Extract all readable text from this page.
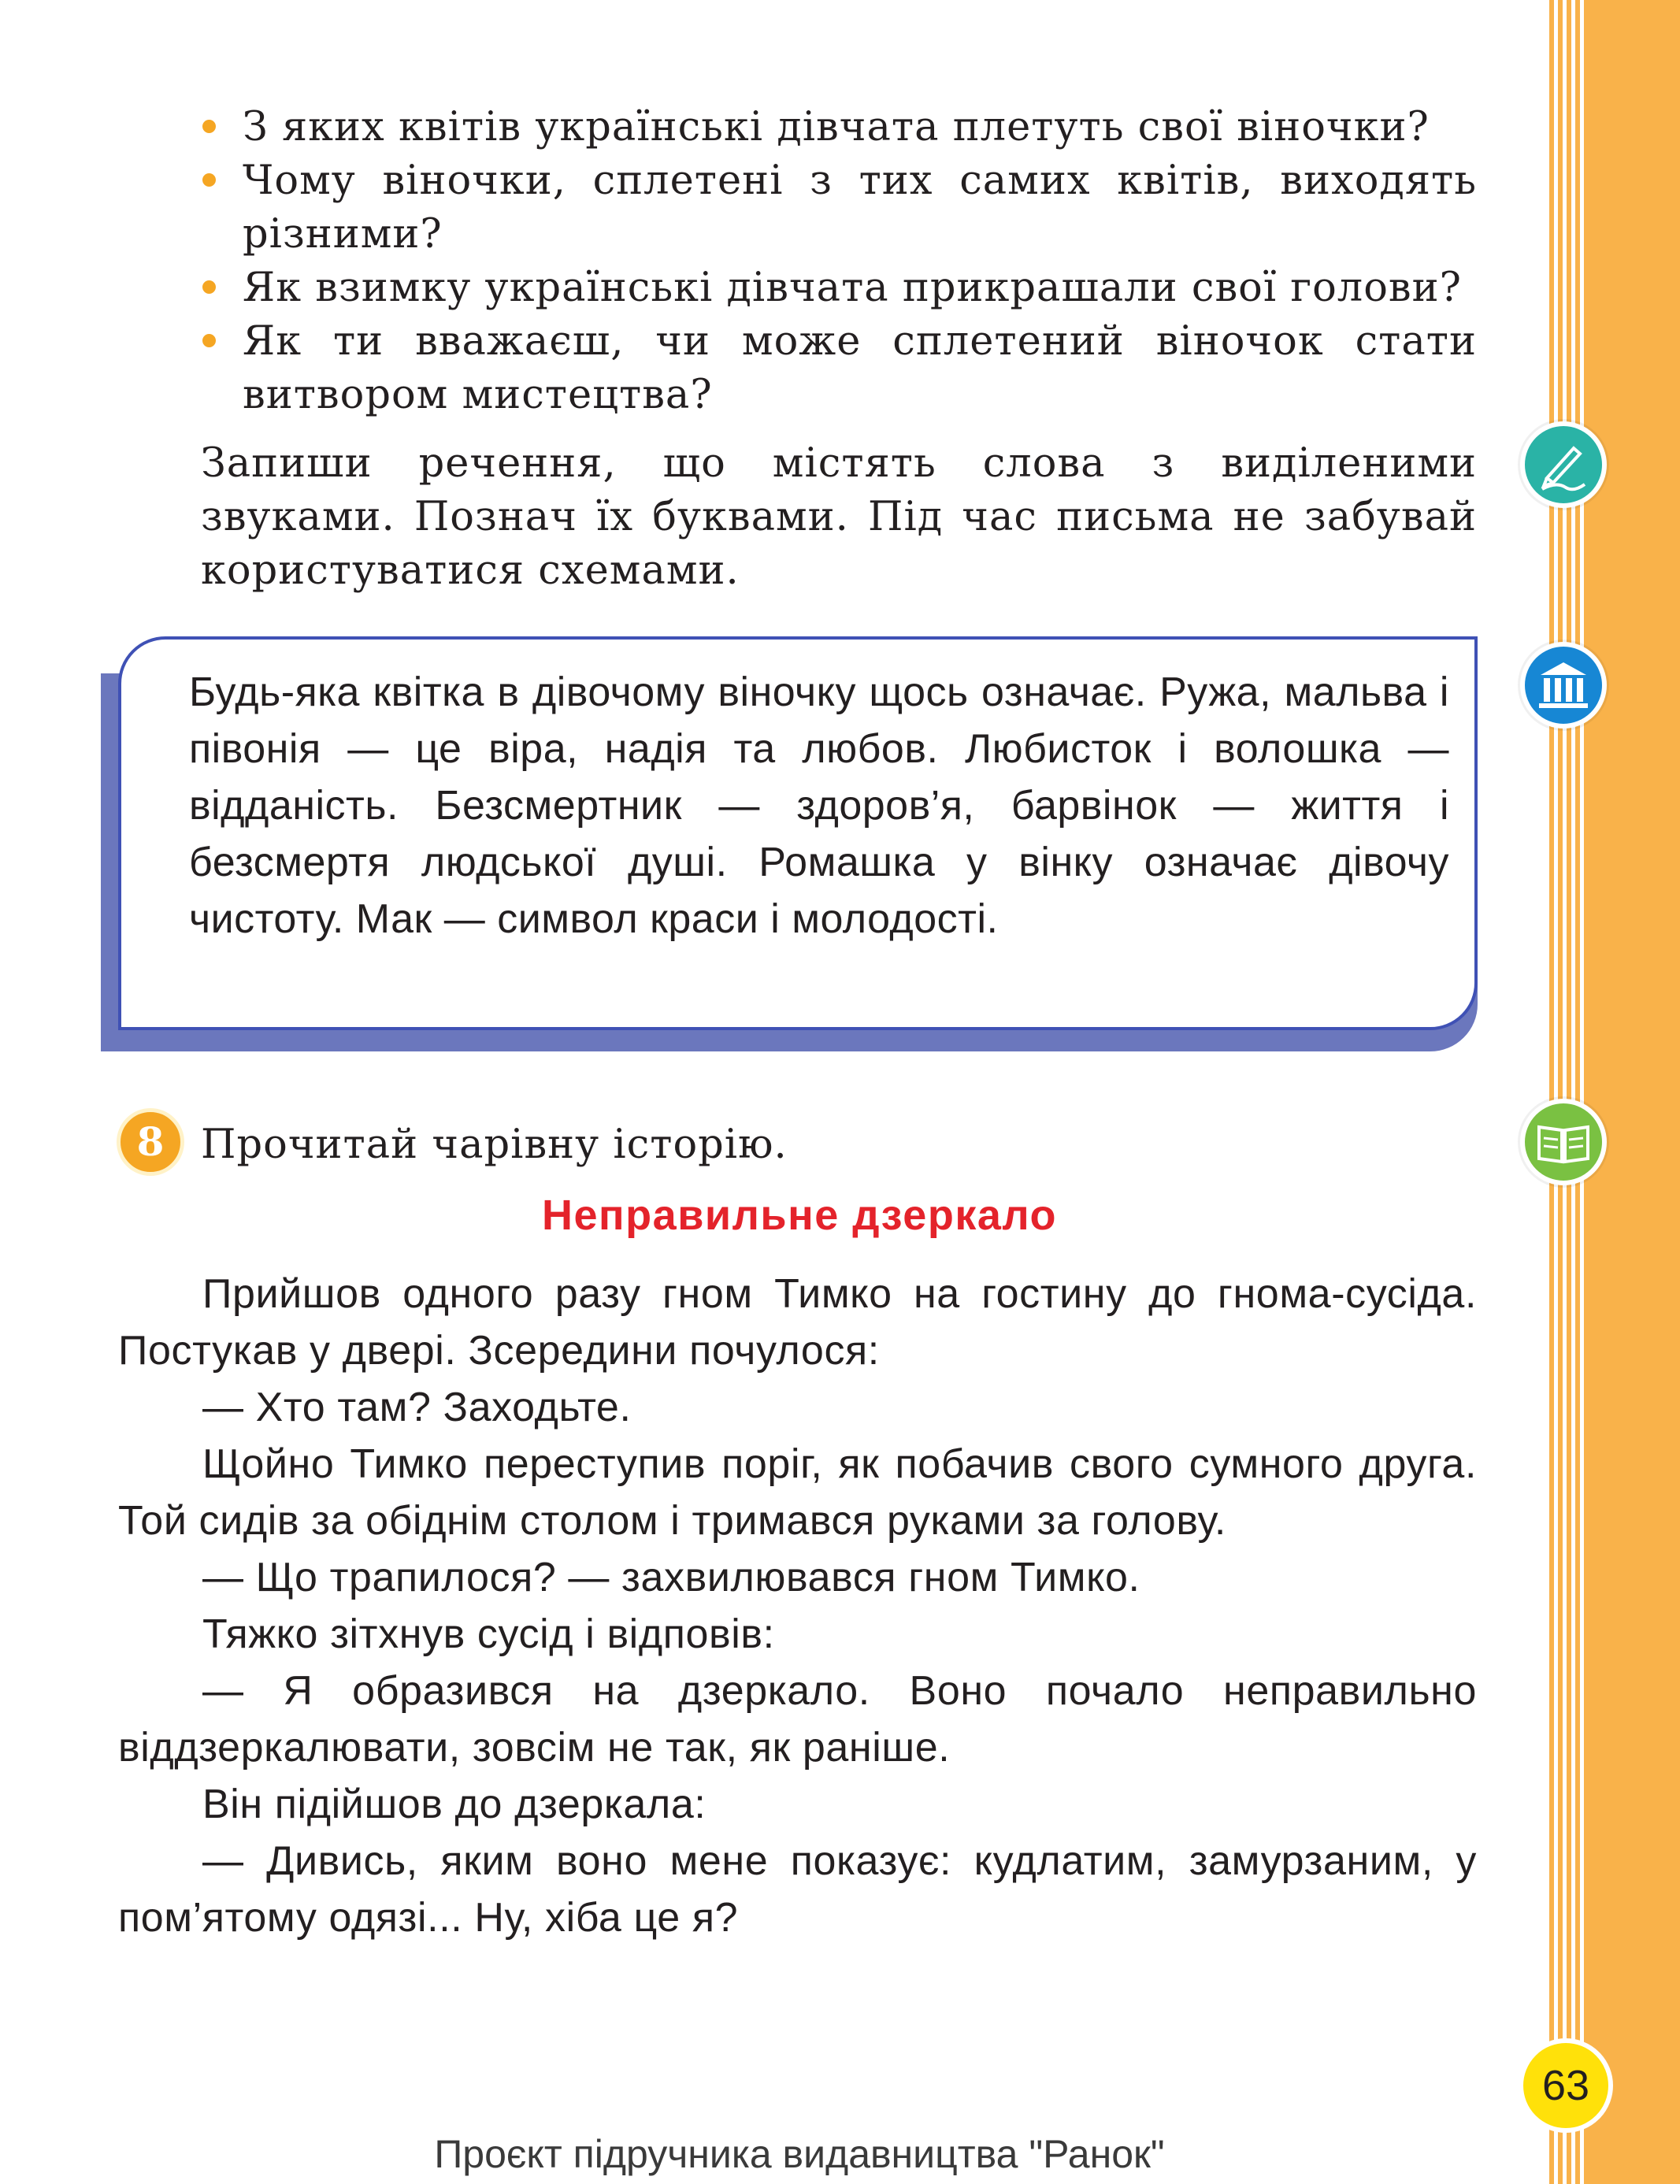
З яких квітів українські дівчата плетуть свої віночки?
Чому віночки, сплетені з тих самих квітів, виходять різними?
Як взимку українські дівчата прикрашали свої голови?
Як ти вважаєш, чи може сплетений віночок стати витвором мистецтва?
Запиши речення, що містять слова з виділеними звуками. Познач їх буквами. Під час письма не забувай користуватися схемами.
Будь-яка квітка в дівочому віночку щось означає. Ружа, мальва і півонія — це віра, надія та любов. Любисток і волошка — відданість. Безсмертник — здоров’я, барвінок — життя і безсмертя людської душі. Ромашка у вінку означає дівочу чистоту. Мак — символ краси і молодості.
8 Прочитай чарівну історію.
Неправильне дзеркало
Прийшов одного разу гном Тимко на гостину до гнома-сусіда. Постукав у двері. Зсередини почулося:
— Хто там? Заходьте.
Щойно Тимко переступив поріг, як побачив свого сумного друга. Той сидів за обіднім столом і тримався руками за голову.
— Що трапилося? — захвилювався гном Тимко.
Тяжко зітхнув сусід і відповів:
— Я образився на дзеркало. Воно почало неправильно віддзеркалювати, зовсім не так, як раніше.
Він підійшов до дзеркала:
— Дивись, яким воно мене показує: кудлатим, замурзаним, у пом’ятому одязі... Ну, хіба це я?
63
Проєкт підручника видавництва "Ранок"
